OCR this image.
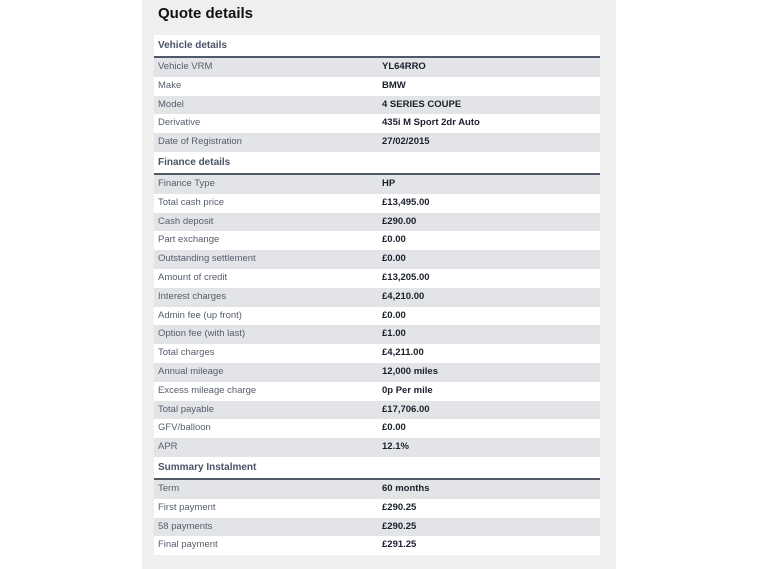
Quote details
Vehicle details
Vehicle VRM	YL64RRO
Make	BMW
Model	4 SERIES COUPE
Derivative	435i M Sport 2dr Auto
Date of Registration	27/02/2015
Finance details
Finance Type	HP
Total cash price	£13,495.00
Cash deposit	£290.00
Part exchange	£0.00
Outstanding settlement	£0.00
Amount of credit	£13,205.00
Interest charges	£4,210.00
Admin fee (up front)	£0.00
Option fee (with last)	£1.00
Total charges	£4,211.00
Annual mileage	12,000 miles
Excess mileage charge	0p Per mile
Total payable	£17,706.00
GFV/balloon	£0.00
APR	12.1%
Summary Instalment
Term	60 months
First payment	£290.25
58 payments	£290.25
Final payment	£291.25
